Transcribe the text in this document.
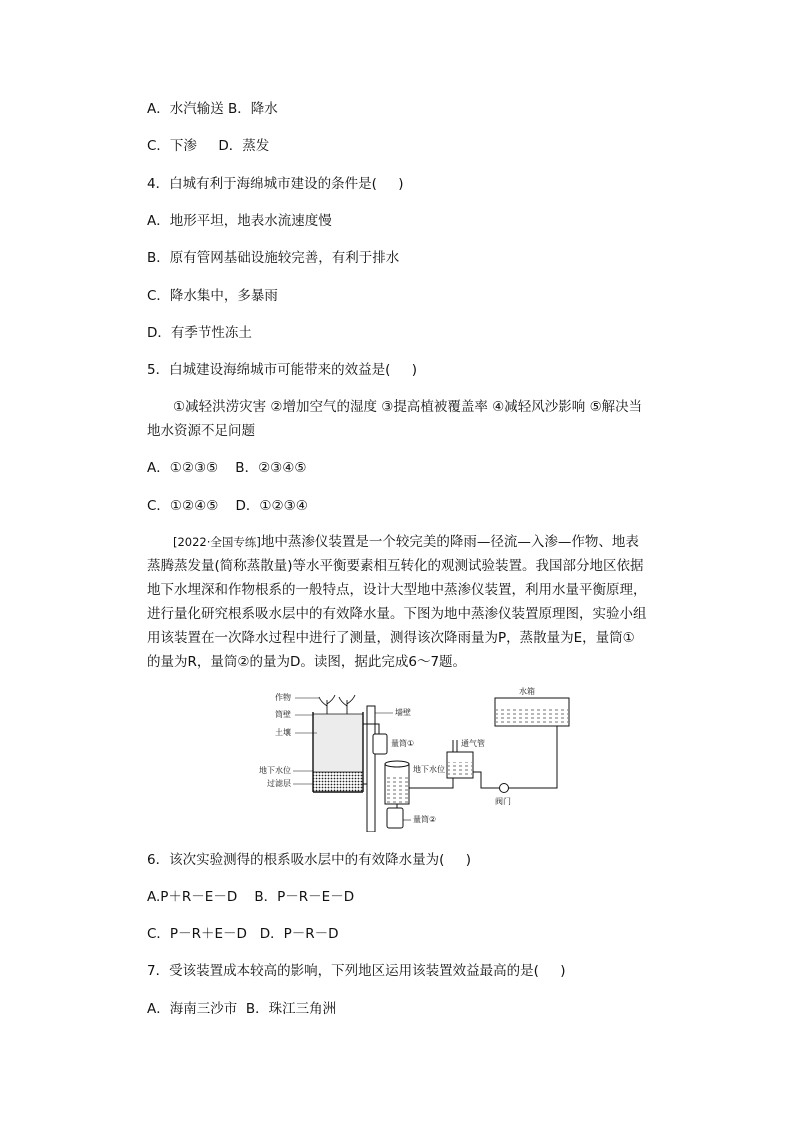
A．水汽输送 B．降水
C．下渗     D．蒸发
4．白城有利于海绵城市建设的条件是(     )
A．地形平坦，地表水流速度慢
B．原有管网基础设施较完善，有利于排水
C．降水集中，多暴雨
D．有季节性冻土
5．白城建设海绵城市可能带来的效益是(     )
①减轻洪涝灾害 ②增加空气的湿度 ③提高植被覆盖率 ④减轻风沙影响 ⑤解决当地水资源不足问题
A．①②③⑤    B．②③④⑤
C．①②④⑤    D．①②③④
[2022·全国专练]地中蒸渗仪装置是一个较完美的降雨—径流—入渗—作物、地表蒸腾蒸发量(简称蒸散量)等水平衡要素相互转化的观测试验装置。我国部分地区依据地下水埋深和作物根系的一般特点，设计大型地中蒸渗仪装置，利用水量平衡原理，进行量化研究根系吸水层中的有效降水量。下图为地中蒸渗仪装置原理图，实验小组用该装置在一次降水过程中进行了测量，测得该次降雨量为P，蒸散量为E，量筒①的量为R，量筒②的量为D。读图，据此完成6～7题。
作物
筒壁
土壤
地下水位
过滤层
墙壁
量筒①
量筒②
地下水位
通气管
水箱
阀门
6．该次实验测得的根系吸水层中的有效降水量为(     )
A.P＋R－E－D    B．P－R－E－D
C．P－R＋E－D   D．P－R－D
7．受该装置成本较高的影响，下列地区运用该装置效益最高的是(     )
A．海南三沙市  B．珠江三角洲
